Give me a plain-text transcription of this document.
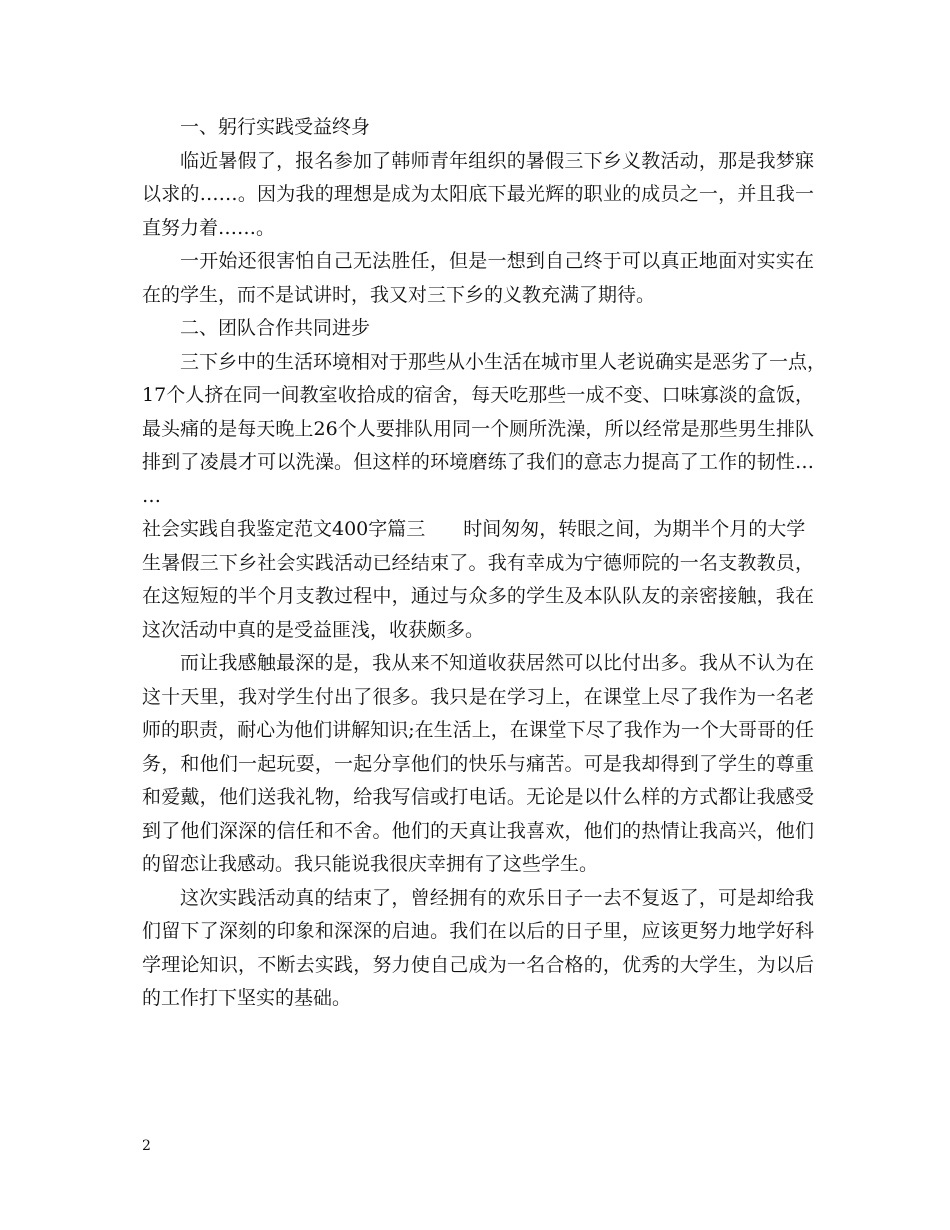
一、躬行实践受益终身
临近暑假了，报名参加了韩师青年组织的暑假三下乡义教活动，那是我梦寐
以求的……。因为我的理想是成为太阳底下最光辉的职业的成员之一，并且我一
直努力着……。
一开始还很害怕自己无法胜任，但是一想到自己终于可以真正地面对实实在
在的学生，而不是试讲时，我又对三下乡的义教充满了期待。
二、团队合作共同进步
三下乡中的生活环境相对于那些从小生活在城市里人老说确实是恶劣了一点，
17个人挤在同一间教室收拾成的宿舍，每天吃那些一成不变、口味寡淡的盒饭，
最头痛的是每天晚上26个人要排队用同一个厕所洗澡，所以经常是那些男生排队
排到了凌晨才可以洗澡。但这样的环境磨练了我们的意志力提高了工作的韧性…
…
社会实践自我鉴定范文400字篇三 时间匆匆，转眼之间，为期半个月的大学
生暑假三下乡社会实践活动已经结束了。我有幸成为宁德师院的一名支教教员，
在这短短的半个月支教过程中，通过与众多的学生及本队队友的亲密接触，我在
这次活动中真的是受益匪浅，收获颇多。
而让我感触最深的是，我从来不知道收获居然可以比付出多。我从不认为在
这十天里，我对学生付出了很多。我只是在学习上，在课堂上尽了我作为一名老
师的职责，耐心为他们讲解知识;在生活上，在课堂下尽了我作为一个大哥哥的任
务，和他们一起玩耍，一起分享他们的快乐与痛苦。可是我却得到了学生的尊重
和爱戴，他们送我礼物，给我写信或打电话。无论是以什么样的方式都让我感受
到了他们深深的信任和不舍。他们的天真让我喜欢，他们的热情让我高兴，他们
的留恋让我感动。我只能说我很庆幸拥有了这些学生。
这次实践活动真的结束了，曾经拥有的欢乐日子一去不复返了，可是却给我
们留下了深刻的印象和深深的启迪。我们在以后的日子里，应该更努力地学好科
学理论知识，不断去实践，努力使自己成为一名合格的，优秀的大学生，为以后
的工作打下坚实的基础。
2
